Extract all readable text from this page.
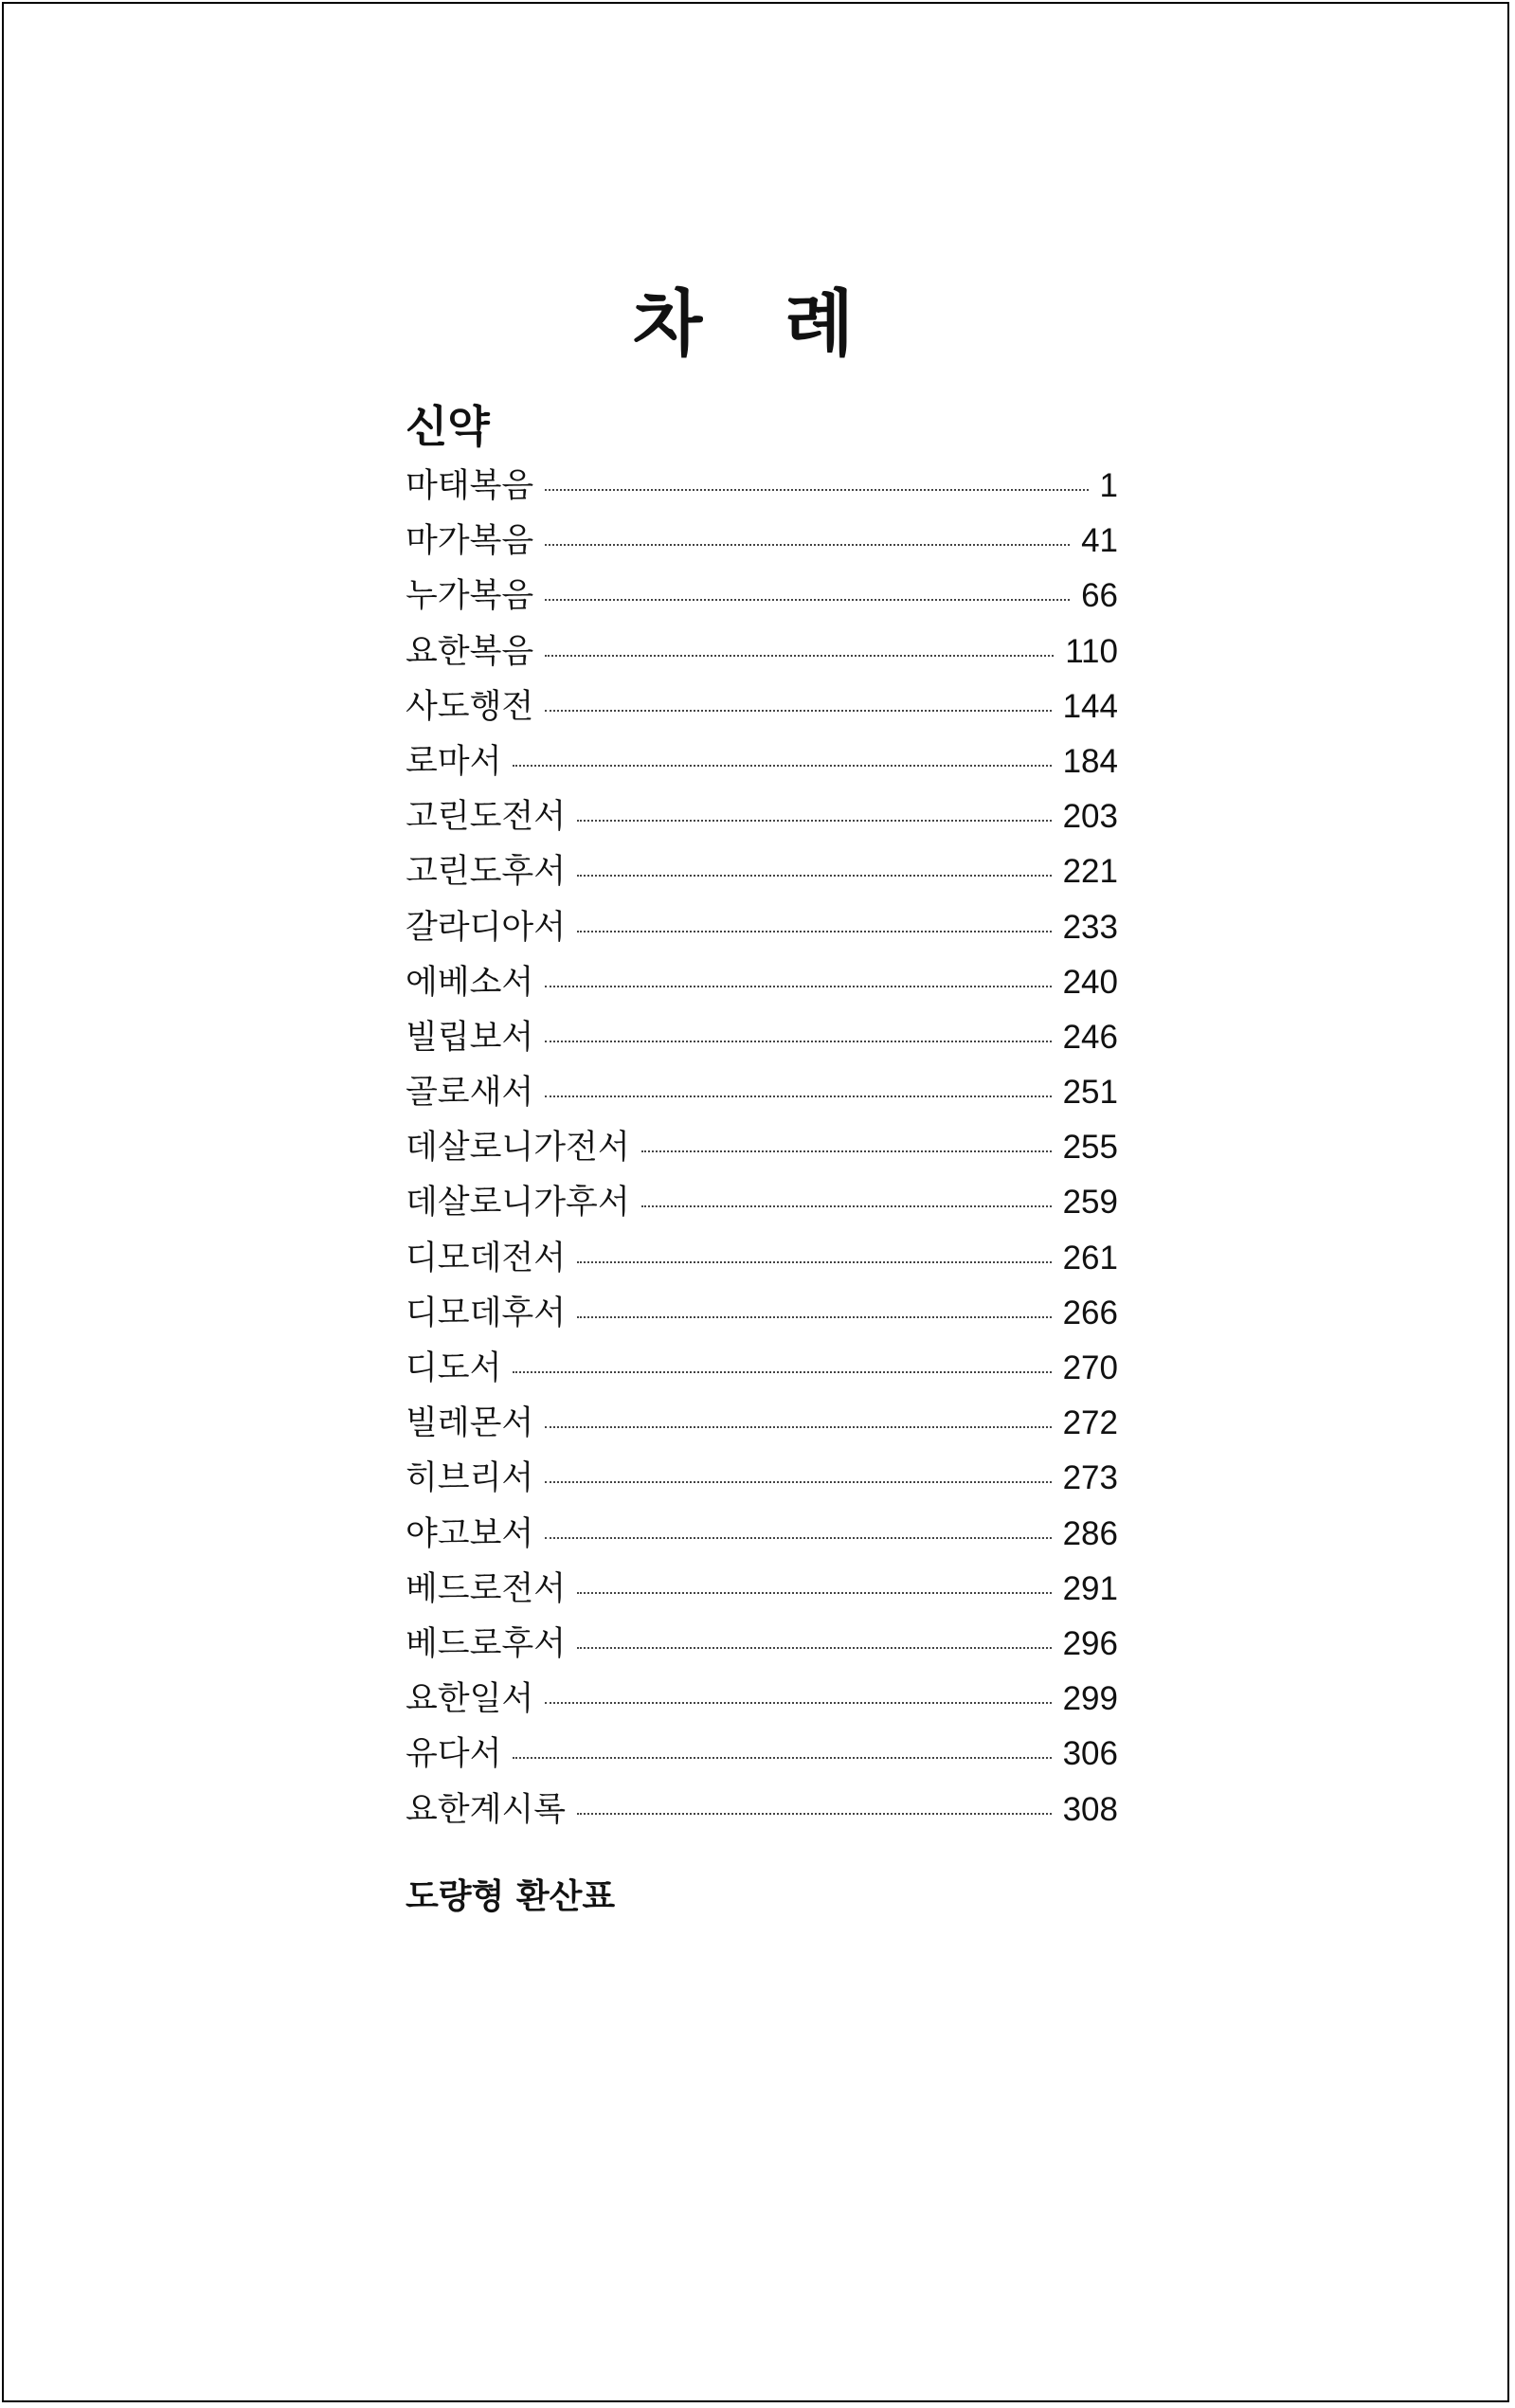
차 례
신약
마태복음	1
마가복음	41
누가복음	66
요한복음	110
사도행전	144
로마서	184
고린도전서	203
고린도후서	221
갈라디아서	233
에베소서	240
빌립보서	246
골로새서	251
데살로니가전서	255
데살로니가후서	259
디모데전서	261
디모데후서	266
디도서	270
빌레몬서	272
히브리서	273
야고보서	286
베드로전서	291
베드로후서	296
요한일서	299
유다서	306
요한계시록	308
도량형 환산표
